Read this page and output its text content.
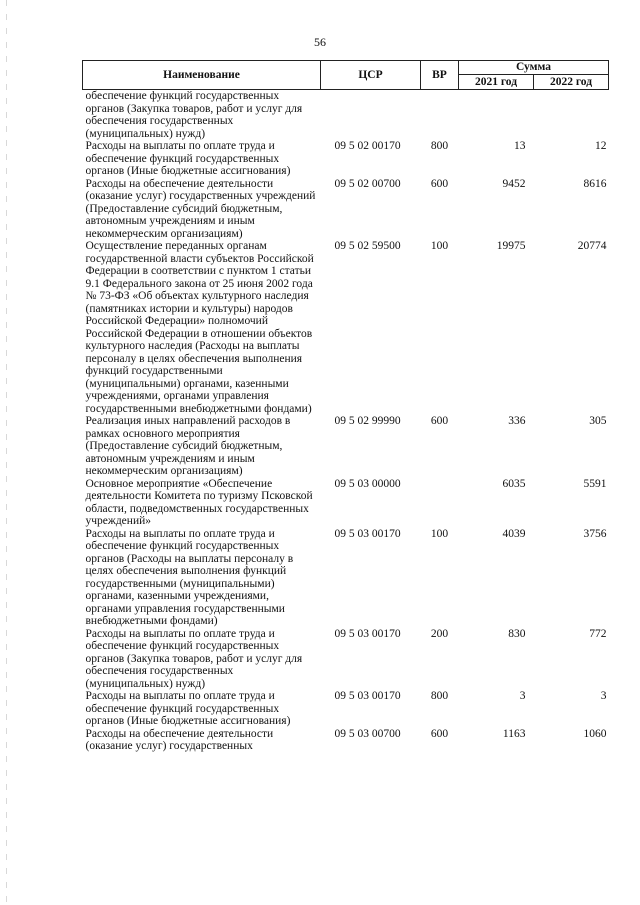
56
Наименование	ЦСР	ВР	Сумма	
			2021 год	2022 год
обеспечение функций государственных органов (Закупка товаров, работ и услуг для обеспечения государственных (муниципальных) нужд)				
Расходы на выплаты по оплате труда и обеспечение функций государственных органов (Иные бюджетные ассигнования)	09 5 02 00170	800	13	12
Расходы на обеспечение деятельности (оказание услуг) государственных учреждений (Предоставление субсидий бюджетным, автономным учреждениям и иным некоммерческим организациям)	09 5 02 00700	600	9452	8616
Осуществление переданных органам государственной власти субъектов Российской Федерации в соответствии с пунктом 1 статьи 9.1 Федерального закона от 25 июня 2002 года № 73-ФЗ «Об объектах культурного наследия (памятниках истории и культуры) народов Российской Федерации» полномочий Российской Федерации в отношении объектов культурного наследия (Расходы на выплаты персоналу в целях обеспечения выполнения функций государственными (муниципальными) органами, казенными учреждениями, органами управления государственными внебюджетными фондами)	09 5 02 59500	100	19975	20774
Реализация иных направлений расходов в рамках основного мероприятия (Предоставление субсидий бюджетным, автономным учреждениям и иным некоммерческим организациям)	09 5 02 99990	600	336	305
Основное мероприятие «Обеспечение деятельности Комитета по туризму Псковской области, подведомственных государственных учреждений»	09 5 03 00000		6035	5591
Расходы на выплаты по оплате труда и обеспечение функций государственных органов (Расходы на выплаты персоналу в целях обеспечения выполнения функций государственными (муниципальными) органами, казенными учреждениями, органами управления государственными внебюджетными фондами)	09 5 03 00170	100	4039	3756
Расходы на выплаты по оплате труда и обеспечение функций государственных органов (Закупка товаров, работ и услуг для обеспечения государственных (муниципальных) нужд)	09 5 03 00170	200	830	772
Расходы на выплаты по оплате труда и обеспечение функций государственных органов (Иные бюджетные ассигнования)	09 5 03 00170	800	3	3
Расходы на обеспечение деятельности (оказание услуг) государственных	09 5 03 00700	600	1163	1060
